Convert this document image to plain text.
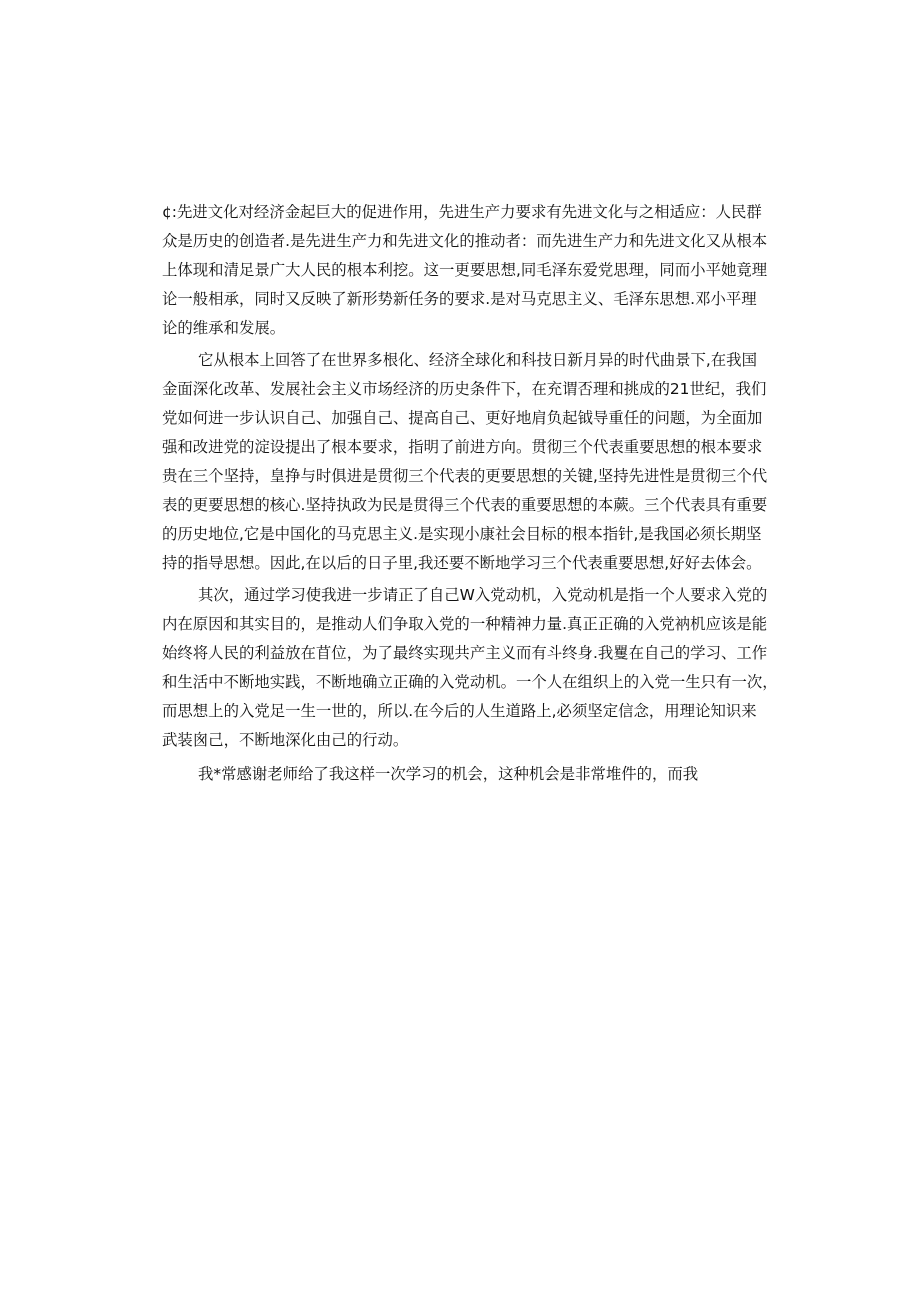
¢:先进文化对经济金起巨大的促进作用，先进生产力要求有先进文化与之相适应：人民群
众是历史的创造者.是先进生产力和先进文化的推动者：而先进生产力和先进文化又从根本
上体现和清足景广大人民的根本利挖。这一更要思想,同毛泽东爱党思理，同而小平她竟理
论一般相承，同时又反映了新形势新任务的要求.是对马克思主义、毛泽东思想.邓小平理
论的维承和发展。

它从根本上回答了在世界多根化、经济全球化和科技日新月异的时代曲景下,在我国
金面深化改革、发展社会主义市场经济的历史条件下，在充谓否理和挑成的21世纪，我们
党如何进一步认识自己、加强自己、提高自己、更好地肩负起钺导重任的问题，为全面加
强和改进党的淀设提出了根本要求，指明了前进方向。贯彻三个代表重要思想的根本要求
贵在三个坚持，皇挣与时俱进是贯彻三个代表的更要思想的关键,坚持先进性是贯彻三个代
表的更要思想的核心.坚持执政为民是贯得三个代表的重要思想的本蕨。三个代表具有重要
的历史地位,它是中国化的马克思主义.是实现小康社会目标的根本指针,是我国必须长期坚
持的指导思想。因此,在以后的日子里,我还要不断地学习三个代表重要思想,好好去体会。

其次，通过学习使我进一步请正了自己W入党动机，入党动机是指一个人要求入党的
内在原因和其实目的，是推动人们争取入党的一种精神力量.真正正确的入党衲机应该是能
始终将人民的利益放在苜位，为了最终实现共产主义而有斗终身.我矍在自己的学习、工作
和生活中不断地实践，不断地确立正确的入党动机。一个人在组织上的入党一生只有一次，
而思想上的入党足一生一世的，所以.在今后的人生道路上,必须坚定信念，用理论知识来
武装囪己，不断地深化由己的行动。

我*常感谢老师给了我这样一次学习的机会，这种机会是非常堆件的，而我
